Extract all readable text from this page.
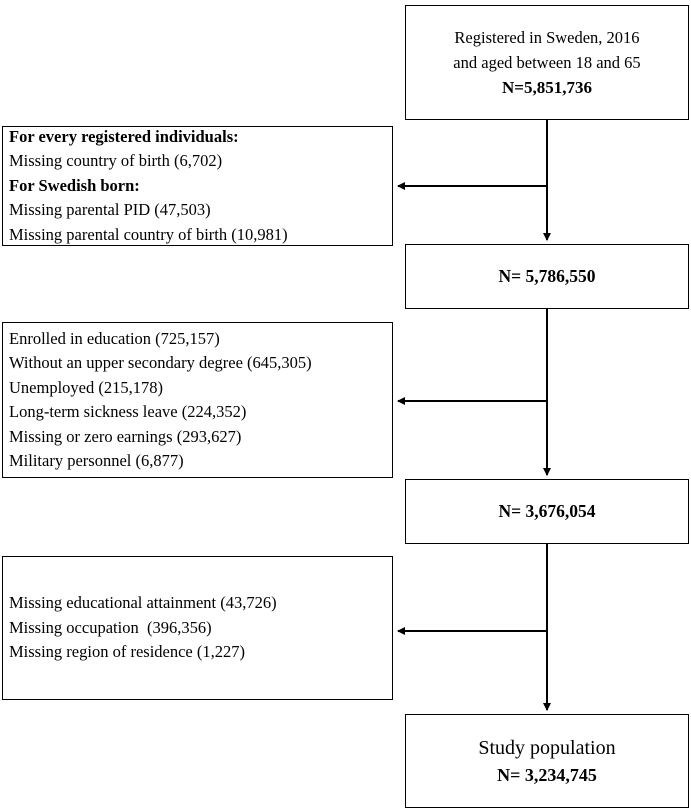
Registered in Sweden, 2016
and aged between 18 and 65
N=5,851,736
For every registered individuals:
Missing country of birth (6,702)
For Swedish born:
Missing parental PID (47,503)
Missing parental country of birth (10,981)
N= 5,786,550
Enrolled in education (725,157)
Without an upper secondary degree (645,305)
Unemployed (215,178)
Long-term sickness leave (224,352)
Missing or zero earnings (293,627)
Military personnel (6,877)
N= 3,676,054
Missing educational attainment (43,726)
Missing occupation  (396,356)
Missing region of residence (1,227)
Study population
N= 3,234,745
